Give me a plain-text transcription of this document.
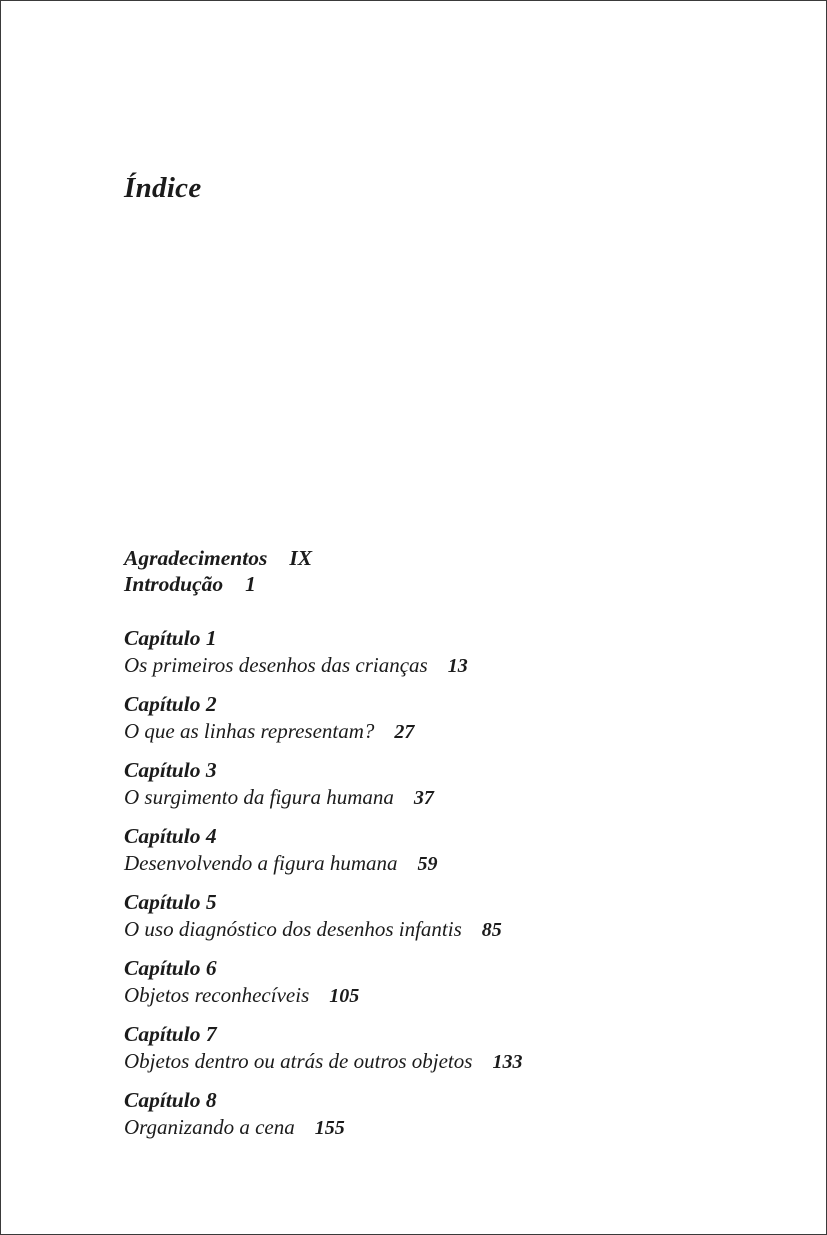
Índice
Agradecimentos IX
Introdução 1
Capítulo 1
Os primeiros desenhos das crianças 13
Capítulo 2
O que as linhas representam? 27
Capítulo 3
O surgimento da figura humana 37
Capítulo 4
Desenvolvendo a figura humana 59
Capítulo 5
O uso diagnóstico dos desenhos infantis 85
Capítulo 6
Objetos reconhecíveis 105
Capítulo 7
Objetos dentro ou atrás de outros objetos 133
Capítulo 8
Organizando a cena 155
